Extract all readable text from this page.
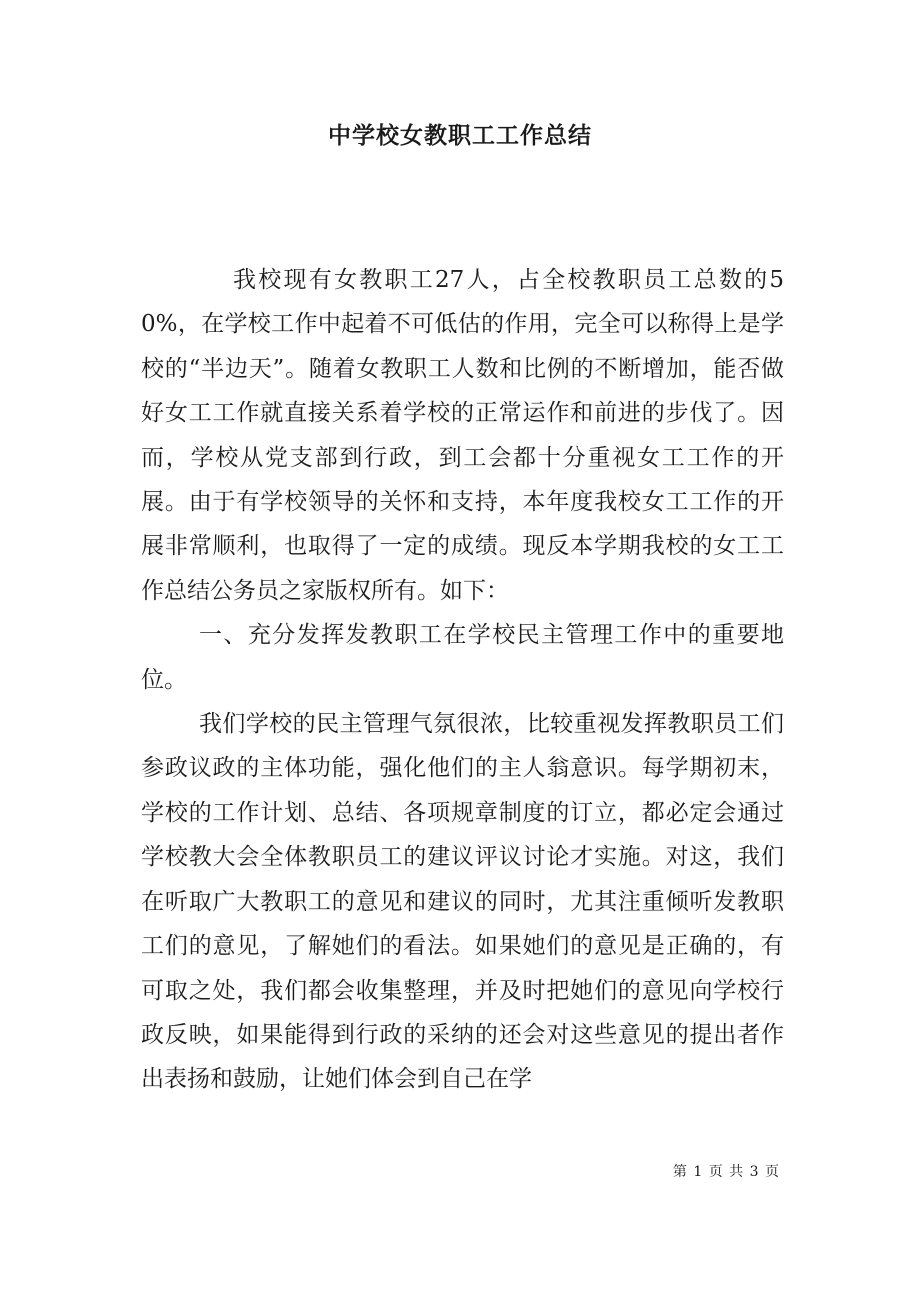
中学校女教职工工作总结

我校现有女教职工27人，占全校教职员工总数的50%，在学校工作中起着不可低估的作用，完全可以称得上是学校的“半边天”。随着女教职工人数和比例的不断增加，能否做好女工工作就直接关系着学校的正常运作和前进的步伐了。因而，学校从党支部到行政，到工会都十分重视女工工作的开展。由于有学校领导的关怀和支持，本年度我校女工工作的开展非常顺利，也取得了一定的成绩。现反本学期我校的女工工作总结公务员之家版权所有。如下：

一、充分发挥发教职工在学校民主管理工作中的重要地位。

我们学校的民主管理气氛很浓，比较重视发挥教职员工们参政议政的主体功能，强化他们的主人翁意识。每学期初末，学校的工作计划、总结、各项规章制度的订立，都必定会通过学校教大会全体教职员工的建议评议讨论才实施。对这，我们在听取广大教职工的意见和建议的同时，尤其注重倾听发教职工们的意见，了解她们的看法。如果她们的意见是正确的，有可取之处，我们都会收集整理，并及时把她们的意见向学校行政反映，如果能得到行政的采纳的还会对这些意见的提出者作出表扬和鼓励，让她们体会到自己在学

第 1 页 共 3 页
